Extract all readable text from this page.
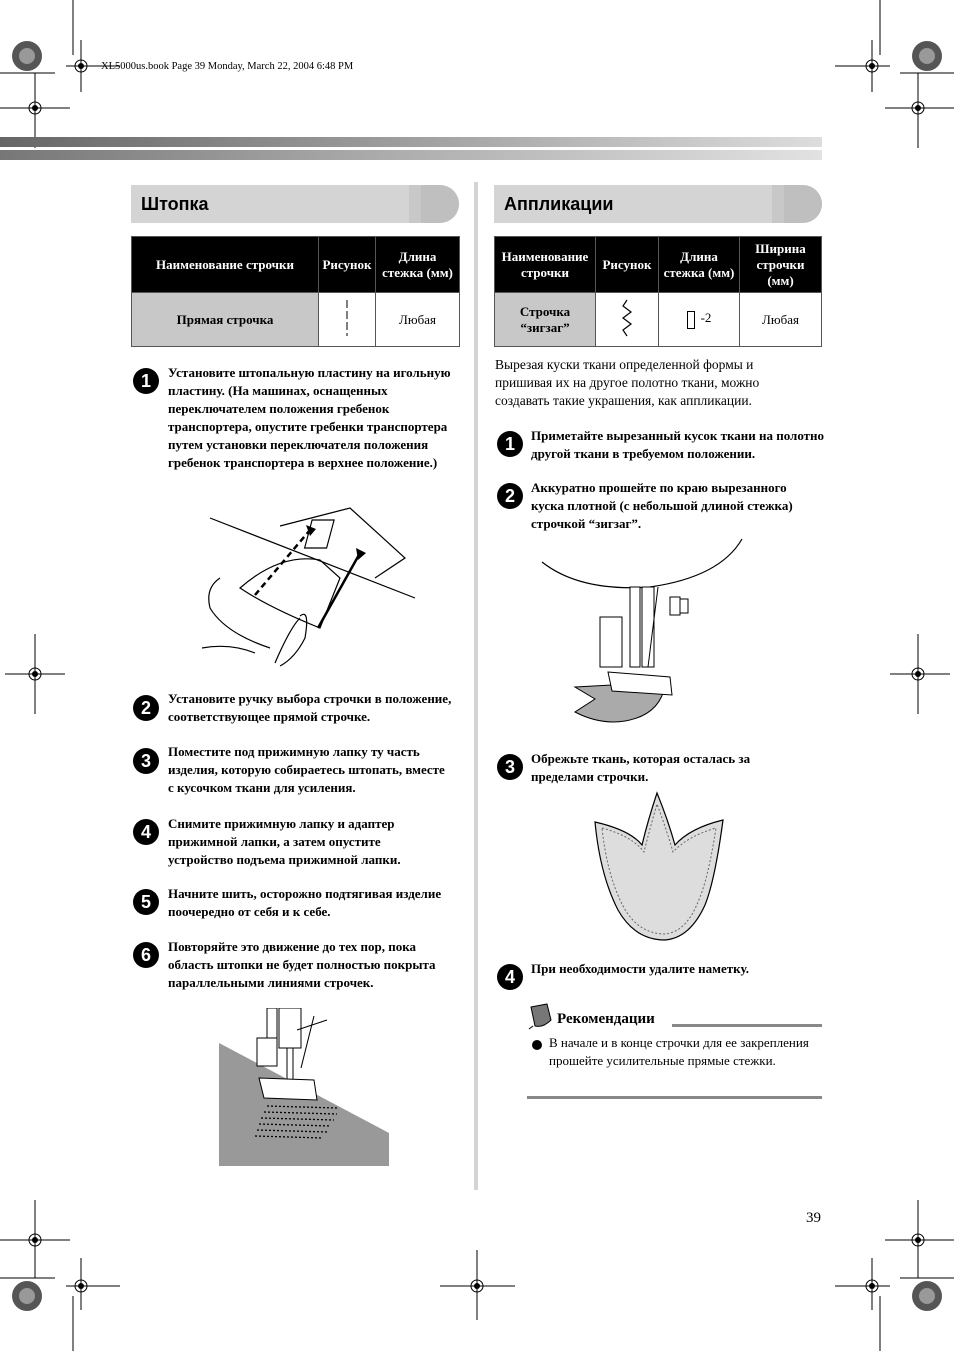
XL5000us.book Page 39 Monday, March 22, 2004 6:48 PM
Штопка
Наименование строчки	Рисунок	Длина стежка (мм)
Прямая строчка		Любая
1	Установите штопальную пластину на игольную пластину. (На машинах, оснащенных переключателем положения гребенок транспортера, опустите гребенки транспортера путем установки переключателя положения гребенок транспортера в верхнее положение.)
2	Установите ручку выбора строчки в положение, соответствующее прямой строчке.
3	Поместите под прижимную лапку ту часть изделия, которую собираетесь штопать, вместе с кусочком ткани для усиления.
4	Снимите прижимную лапку и адаптер прижимной лапки, а затем опустите устройство подъема прижимной лапки.
5	Начните шить, осторожно подтягивая изделие поочередно от себя и к себе.
6	Повторяйте это движение до тех пор, пока область штопки не будет полностью покрыта параллельными линиями строчек.
Аппликации
Наименование строчки	Рисунок	Длина стежка (мм)	Ширина строчки (мм)
Строчка “зигзаг”		-2	Любая
Вырезая куски ткани определенной формы и пришивая их на другое полотно ткани, можно создавать такие украшения, как аппликации.
1	Приметайте вырезанный кусок ткани на полотно другой ткани в требуемом положении.
2	Аккуратно прошейте по краю вырезанного куска плотной (с небольшой длиной стежка) строчкой “зигзаг”.
3	Обрежьте ткань, которая осталась за пределами строчки.
4	При необходимости удалите наметку.
Рекомендации
В начале и в конце строчки для ее закрепления прошейте усилительные прямые стежки.
39
